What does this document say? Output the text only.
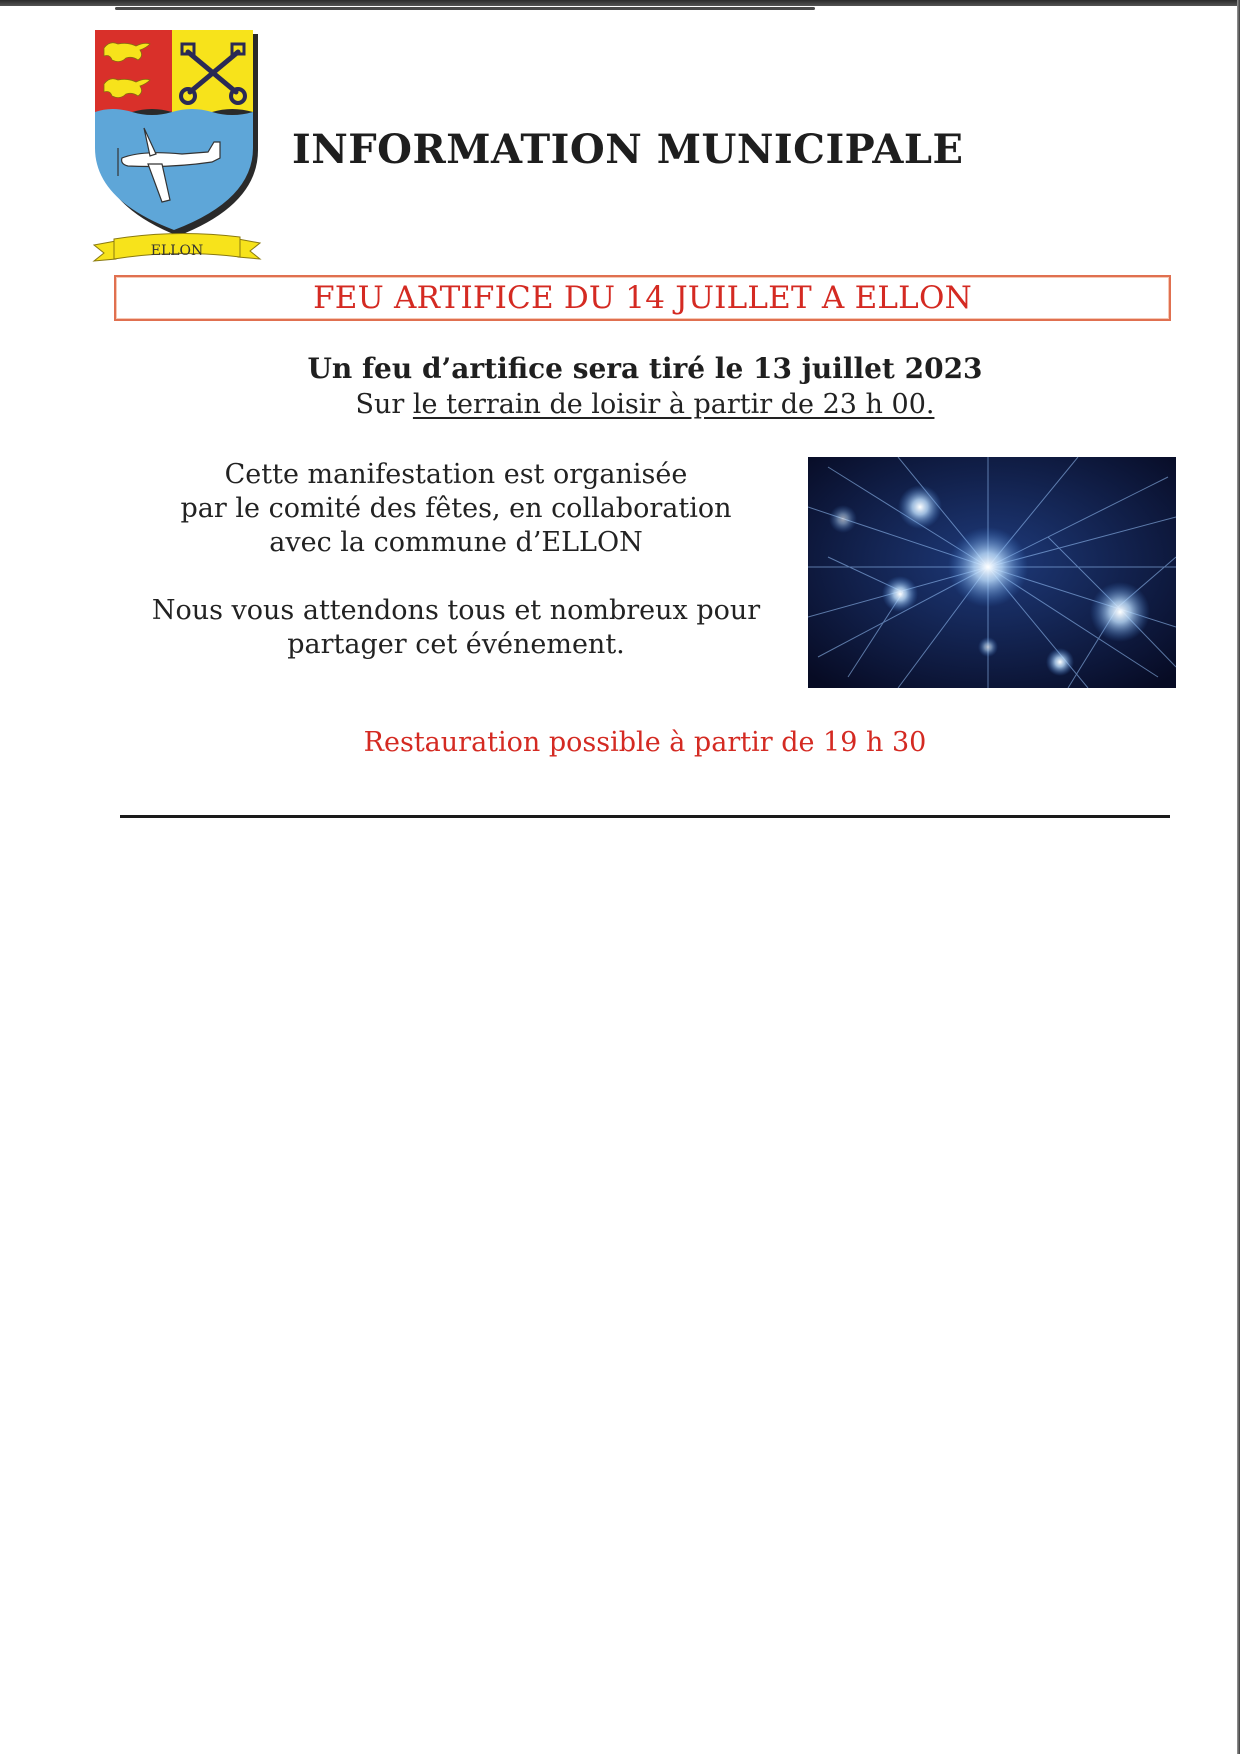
ELLON
INFORMATION MUNICIPALE
FEU ARTIFICE DU 14 JUILLET A ELLON
Un feu d’artifice sera tiré le 13 juillet 2023
Sur le terrain de loisir à partir de 23 h 00.

Cette manifestation est organisée

par le comité des fêtes, en collaboration

avec la commune d’ELLON

Nous vous attendons tous et nombreux pour

partager cet événement.

Restauration possible à partir de 19 h 30
